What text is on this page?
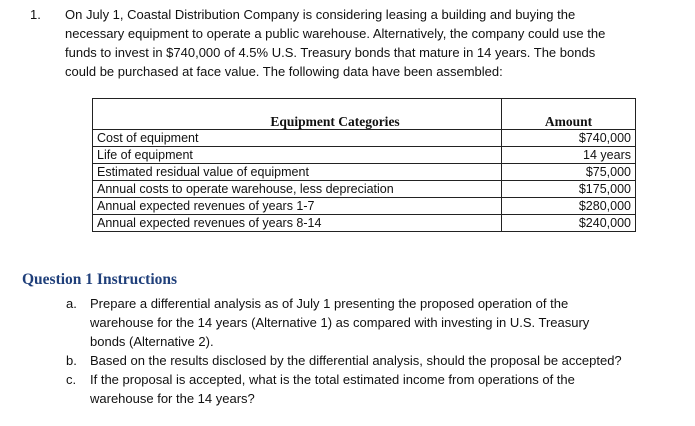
1. On July 1, Coastal Distribution Company is considering leasing a building and buying the
necessary equipment to operate a public warehouse. Alternatively, the company could use the
funds to invest in $740,000 of 4.5% U.S. Treasury bonds that mature in 14 years. The bonds
could be purchased at face value. The following data have been assembled:
Equipment Categories	Amount
Cost of equipment	$740,000
Life of equipment	14 years
Estimated residual value of equipment	$75,000
Annual costs to operate warehouse, less depreciation	$175,000
Annual expected revenues of years 1-7	$280,000
Annual expected revenues of years 8-14	$240,000
Question 1 Instructions
a. Prepare a differential analysis as of July 1 presenting the proposed operation of the
warehouse for the 14 years (Alternative 1) as compared with investing in U.S. Treasury
bonds (Alternative 2).
b. Based on the results disclosed by the differential analysis, should the proposal be accepted?
c. If the proposal is accepted, what is the total estimated income from operations of the
warehouse for the 14 years?
